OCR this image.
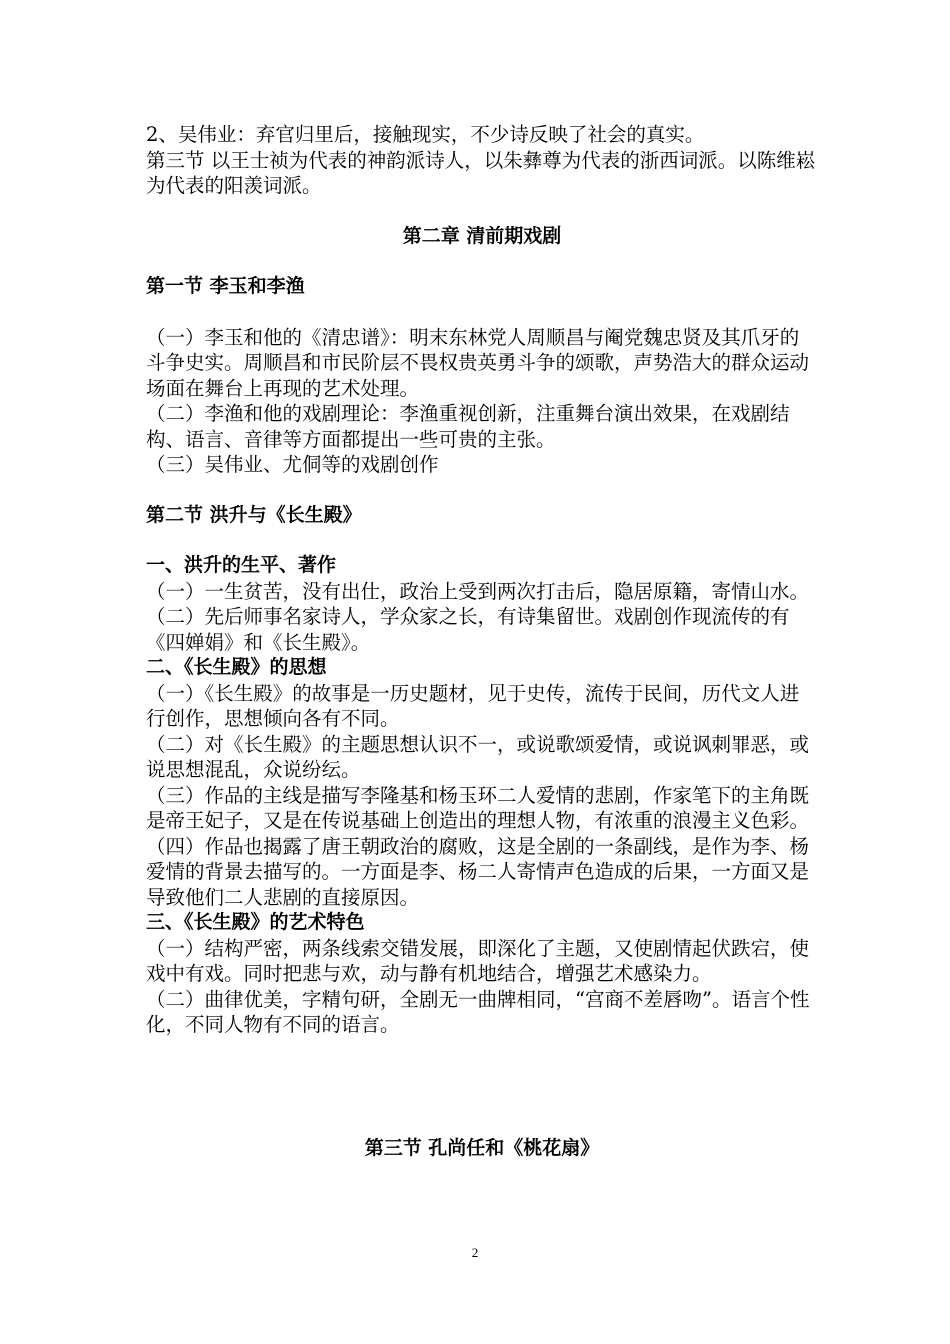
2、吴伟业：弃官归里后，接触现实，不少诗反映了社会的真实。

第三节 以王士祯为代表的神韵派诗人，以朱彝尊为代表的浙西词派。以陈维崧为代表的阳羡词派。

第二章 清前期戏剧

第一节 李玉和李渔

（一）李玉和他的《清忠谱》：明末东林党人周顺昌与阉党魏忠贤及其爪牙的斗争史实。周顺昌和市民阶层不畏权贵英勇斗争的颂歌，声势浩大的群众运动场面在舞台上再现的艺术处理。

（二）李渔和他的戏剧理论：李渔重视创新，注重舞台演出效果，在戏剧结构、语言、音律等方面都提出一些可贵的主张。

（三）吴伟业、尤侗等的戏剧创作

第二节 洪升与《长生殿》

一、洪升的生平、著作

（一）一生贫苦，没有出仕，政治上受到两次打击后，隐居原籍，寄情山水。

（二）先后师事名家诗人，学众家之长，有诗集留世。戏剧创作现流传的有《四婵娟》和《长生殿》。

二、《长生殿》的思想

（一）《长生殿》的故事是一历史题材，见于史传，流传于民间，历代文人进行创作，思想倾向各有不同。

（二）对《长生殿》的主题思想认识不一，或说歌颂爱情，或说讽刺罪恶，或说思想混乱，众说纷纭。

（三）作品的主线是描写李隆基和杨玉环二人爱情的悲剧，作家笔下的主角既是帝王妃子，又是在传说基础上创造出的理想人物，有浓重的浪漫主义色彩。

（四）作品也揭露了唐王朝政治的腐败，这是全剧的一条副线，是作为李、杨爱情的背景去描写的。一方面是李、杨二人寄情声色造成的后果，一方面又是导致他们二人悲剧的直接原因。

三、《长生殿》的艺术特色

（一）结构严密，两条线索交错发展，即深化了主题，又使剧情起伏跌宕，使戏中有戏。同时把悲与欢，动与静有机地结合，增强艺术感染力。

（二）曲律优美，字精句研，全剧无一曲牌相同，“宫商不差唇吻”。语言个性化，不同人物有不同的语言。

第三节 孔尚任和《桃花扇》

2
